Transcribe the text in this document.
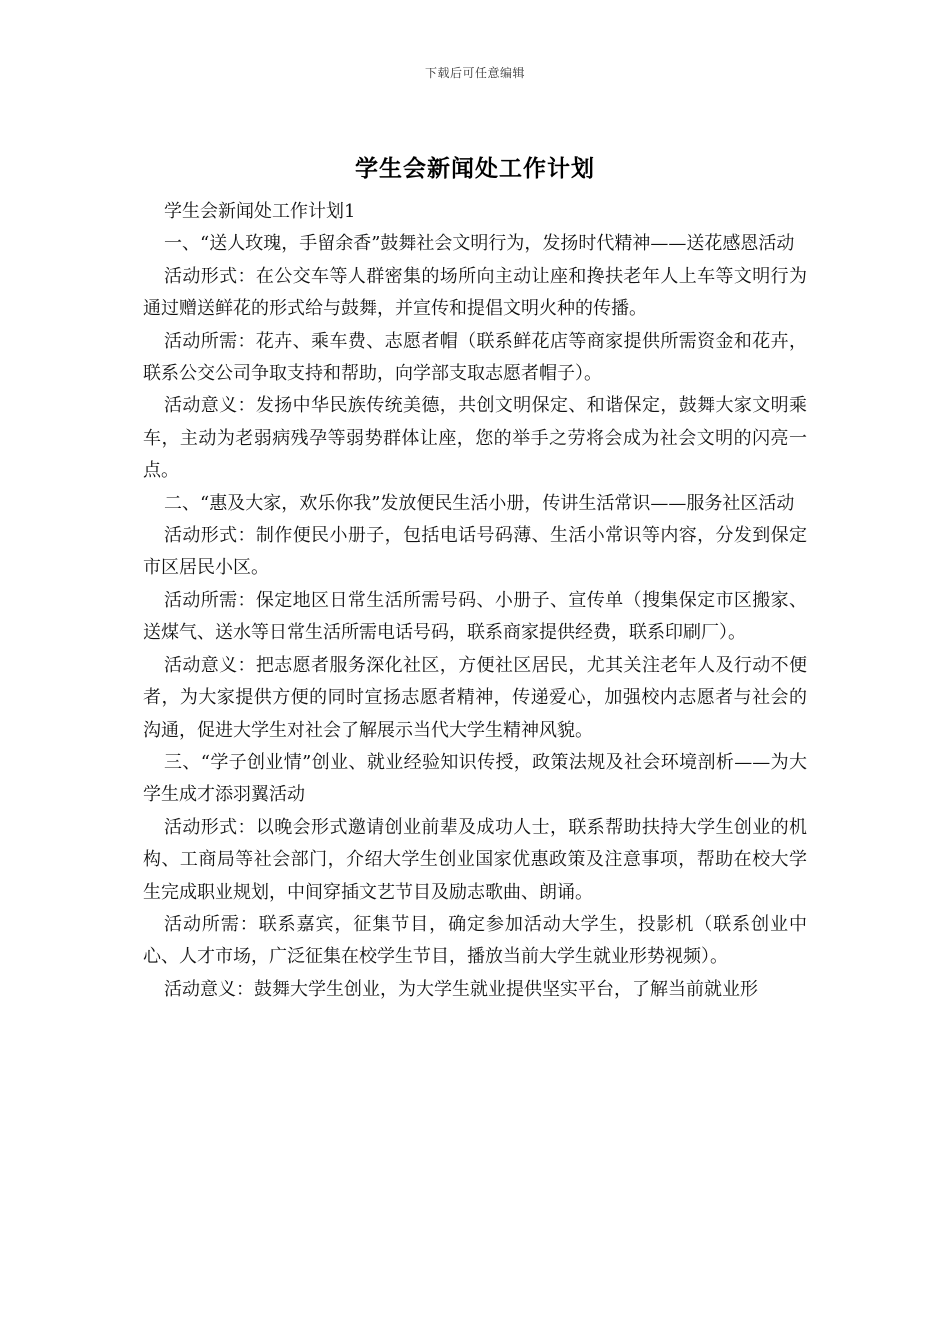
下载后可任意编辑
学生会新闻处工作计划

学生会新闻处工作计划1

一、“送人玫瑰，手留余香”鼓舞社会文明行为，发扬时代精神——送花感恩活动

活动形式：在公交车等人群密集的场所向主动让座和搀扶老年人上车等文明行为通过赠送鲜花的形式给与鼓舞，并宣传和提倡文明火种的传播。

活动所需：花卉、乘车费、志愿者帽（联系鲜花店等商家提供所需资金和花卉，联系公交公司争取支持和帮助，向学部支取志愿者帽子）。

活动意义：发扬中华民族传统美德，共创文明保定、和谐保定，鼓舞大家文明乘车，主动为老弱病残孕等弱势群体让座，您的举手之劳将会成为社会文明的闪亮一点。

二、“惠及大家，欢乐你我”发放便民生活小册，传讲生活常识——服务社区活动

活动形式：制作便民小册子，包括电话号码薄、生活小常识等内容，分发到保定市区居民小区。

活动所需：保定地区日常生活所需号码、小册子、宣传单（搜集保定市区搬家、送煤气、送水等日常生活所需电话号码，联系商家提供经费，联系印刷厂）。

活动意义：把志愿者服务深化社区，方便社区居民，尤其关注老年人及行动不便者，为大家提供方便的同时宣扬志愿者精神，传递爱心，加强校内志愿者与社会的沟通，促进大学生对社会了解展示当代大学生精神风貌。

三、“学子创业情”创业、就业经验知识传授，政策法规及社会环境剖析——为大学生成才添羽翼活动

活动形式：以晚会形式邀请创业前辈及成功人士，联系帮助扶持大学生创业的机构、工商局等社会部门，介绍大学生创业国家优惠政策及注意事项，帮助在校大学生完成职业规划，中间穿插文艺节目及励志歌曲、朗诵。

活动所需：联系嘉宾，征集节目，确定参加活动大学生，投影机（联系创业中心、人才市场，广泛征集在校学生节目，播放当前大学生就业形势视频）。

活动意义：鼓舞大学生创业，为大学生就业提供坚实平台，了解当前就业形
